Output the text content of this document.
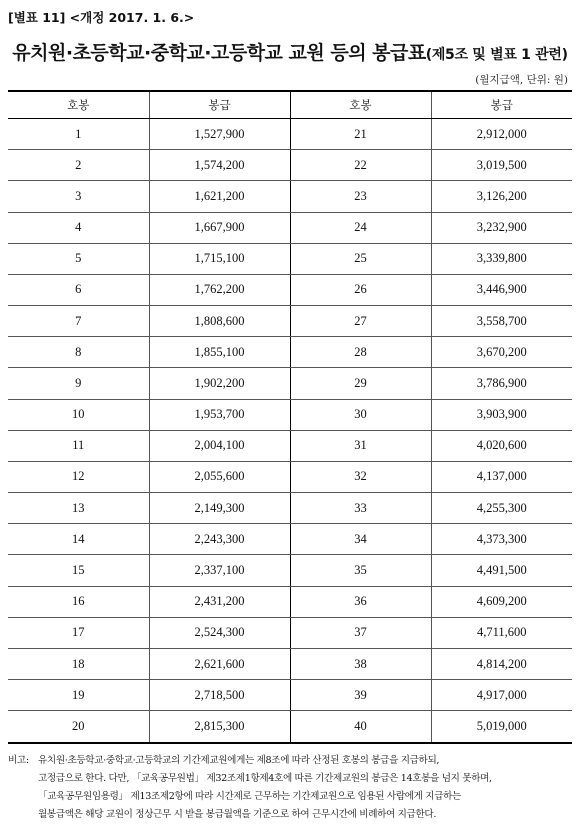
[별표 11] <개정 2017. 1. 6.>
유치원·초등학교·중학교·고등학교 교원 등의 봉급표(제5조 및 별표 1 관련)
(월지급액, 단위: 원)
호봉	봉급	호봉	봉급
1	1,527,900	21	2,912,000
2	1,574,200	22	3,019,500
3	1,621,200	23	3,126,200
4	1,667,900	24	3,232,900
5	1,715,100	25	3,339,800
6	1,762,200	26	3,446,900
7	1,808,600	27	3,558,700
8	1,855,100	28	3,670,200
9	1,902,200	29	3,786,900
10	1,953,700	30	3,903,900
11	2,004,100	31	4,020,600
12	2,055,600	32	4,137,000
13	2,149,300	33	4,255,300
14	2,243,300	34	4,373,300
15	2,337,100	35	4,491,500
16	2,431,200	36	4,609,200
17	2,524,300	37	4,711,600
18	2,621,600	38	4,814,200
19	2,718,500	39	4,917,000
20	2,815,300	40	5,019,000
비고: 유치원·초등학교·중학교·고등학교의 기간제교원에게는 제8조에 따라 산정된 호봉의 봉급을 지급하되,
고정급으로 한다. 다만, 「교육공무원법」 제32조제1항제4호에 따른 기간제교원의 봉급은 14호봉을 넘지 못하며,
「교육공무원임용령」 제13조제2항에 따라 시간제로 근무하는 기간제교원으로 임용된 사람에게 지급하는
월봉급액은 해당 교원이 정상근무 시 받을 봉급월액을 기준으로 하여 근무시간에 비례하여 지급한다.
